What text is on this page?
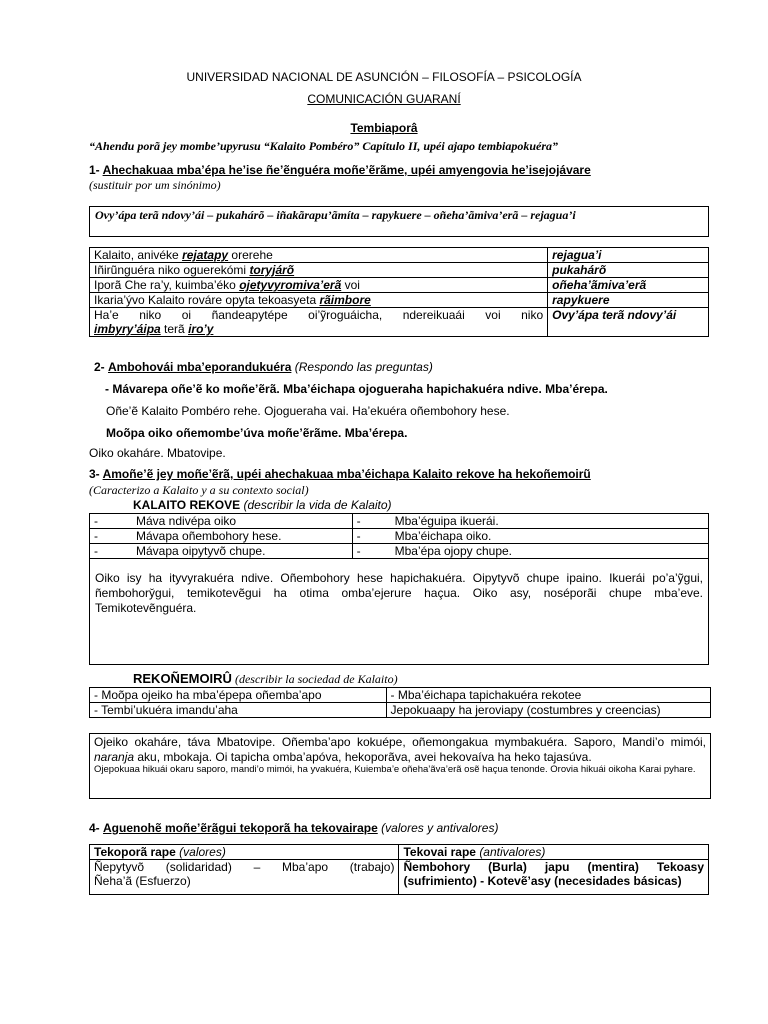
UNIVERSIDAD NACIONAL DE ASUNCIÓN – FILOSOFÍA – PSICOLOGÍA
COMUNICACIÓN GUARANÍ
Tembiaporâ
“Ahendu porã jey mombe’upyrusu “Kalaito Pombéro” Capítulo II, upéi ajapo tembiapokuéra”
1- Ahechakuaa mba’épa he’ise ñe’ẽnguéra moñe’ẽrãme, upéi amyengovia he’isejojávare
(sustituir por um sinónimo)
Ovy’ápa terã ndovy’ái – pukahárõ – iñakãrapu’ãmíta – rapykuere – oñeha’ãmiva’erã – rejagua’i
Kalaito, anivéke rejatapy orerehe	rejagua’i
Iñirũnguéra niko oguerekómi toryjárõ	pukahárõ
Iporã Che ra’y, kuimba’éko ojetyvyromiva’erã voi	oñeha’ãmiva’erã
Ikaria’ývo Kalaito rováre opyta tekoasyeta rãimbore	rapykuere

Ha’e niko oi ñandeapytépe oi’ỹroguáicha, ndereikuaái voi niko
imbyry’áipa terã iro’y	Ovy’ápa terã ndovy’ái
2- Ambohovái mba’eporandukuéra (Respondo las preguntas)
- Mávarepa oñe’ẽ ko moñe’ẽrã. Mba’éichapa ojogueraha hapichakuéra ndive. Mba’érepa.
Oñe’ẽ Kalaito Pombéro rehe. Ojogueraha vai. Ha’ekuéra oñembohory hese.
Moõpa oiko oñemombe’úva moñe’ẽrãme. Mba’érepa.
Oiko okaháre. Mbatovipe.
3- Amoñe’ẽ jey moñe’ẽrã, upéi ahechakuaa mba’éichapa Kalaito rekove ha hekoñemoirũ
(Caracterizo a Kalaito y a su contexto social)
KALAITO REKOVE (describir la vida de Kalaito)
- Máva ndivépa oiko	- Mba’éguipa ikuerái.
- Mávapa oñembohory hese.	- Mba’éichapa oiko.
- Mávapa oipytyvõ chupe.	- Mba’épa ojopy chupe.
Oiko isy ha ityvyrakuéra ndive. Oñembohory hese hapichakuéra. Oipytyvõ chupe ipaino. Ikuerái po’a’ỹgui, ñembohory̆gui, temikotevẽgui ha otima omba’ejerure haçua. Oiko asy, noséporãi chupe mba’eve. Temikotevẽnguéra.
REKOÑEMOIRÛ (describir la sociedad de Kalaito)
- Moõpa ojeiko ha mba’épepa oñemba’apo	- Mba’éichapa tapichakuéra rekotee
- Tembi’ukuéra imandu’aha	Jepokuaapy ha jeroviapy (costumbres y creencias)
Ojeiko okaháre, táva Mbatovipe. Oñemba’apo kokuépe, oñemongakua mymbakuéra. Saporo, Mandi’o mimói, naranja aku, mbokaja. Oi tapicha omba’apóva, hekoporãva, avei hekovaíva ha heko tajasúva.
Ojepokuaa hikuái okaru saporo, mandi’o mimói, ha yvakuéra, Kuiemba’e oñeha’ãva’erã osẽ haçua tenonde. Orovia hikuái oikoha Karai pyhare.
4- Aguenohẽ moñe’ẽrãgui tekoporã ha tekovairape (valores y antivalores)
Tekoporã rape (valores)	Tekovai rape (antivalores)

Ñepytyvõ (solidaridad) – Mba’apo (trabajo)
Ñeha’ã (Esfuerzo)	Ñembohory (Burla) japu (mentira) Tekoasy (sufrimiento) - Kotevẽ’asy (necesidades básicas)
